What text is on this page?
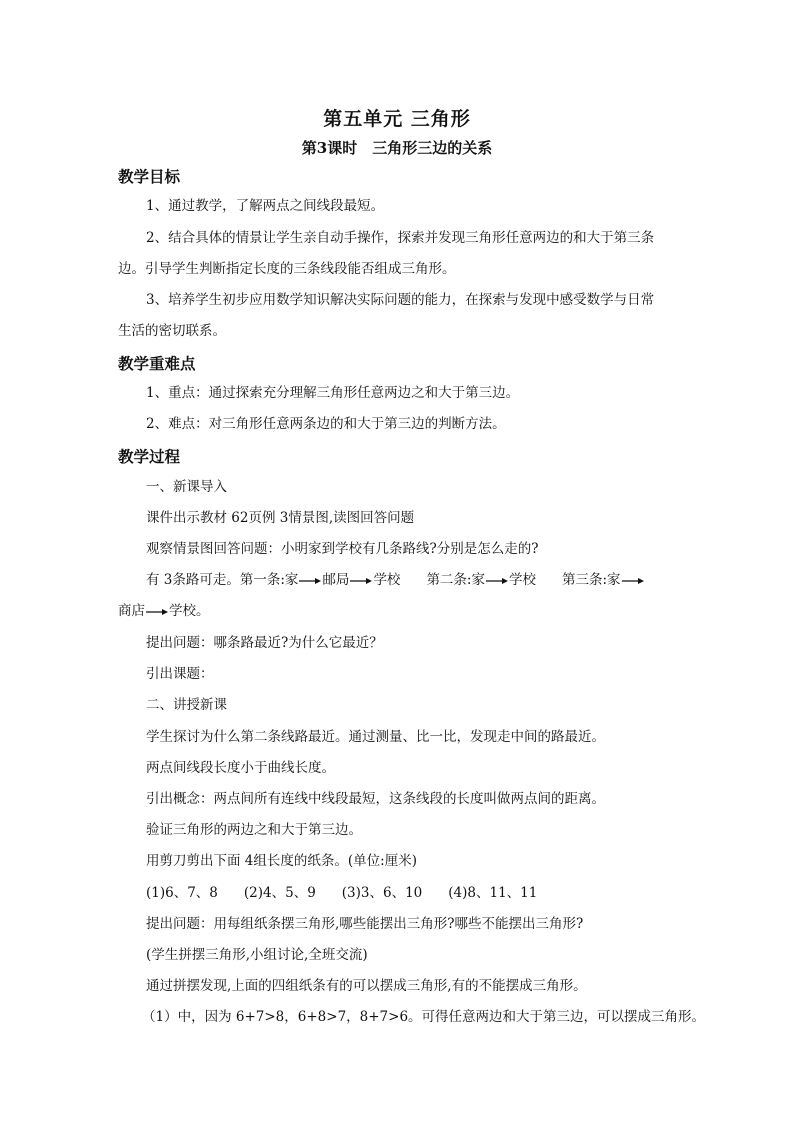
第五单元 三角形
第3课时　三角形三边的关系
教学目标
1、通过教学，了解两点之间线段最短。
2、结合具体的情景让学生亲自动手操作，探索并发现三角形任意两边的和大于第三条
边。引导学生判断指定长度的三条线段能否组成三角形。
3、培养学生初步应用数学知识解决实际问题的能力，在探索与发现中感受数学与日常
生活的密切联系。
教学重难点
1、重点：通过探索充分理解三角形任意两边之和大于第三边。
2、难点：对三角形任意两条边的和大于第三边的判断方法。
教学过程
一、新课导入
课件出示教材 62页例 3情景图,读图回答问题
观察情景图回答问题：小明家到学校有几条路线?分别是怎么走的?
有 3条路可走。第一条:家 邮局 学校 第二条:家 学校 第三条:家
商店 学校。
提出问题：哪条路最近?为什么它最近？
引出课题：
二、讲授新课
学生探讨为什么第二条线路最近。通过测量、比一比，发现走中间的路最近。
两点间线段长度小于曲线长度。
引出概念：两点间所有连线中线段最短，这条线段的长度叫做两点间的距离。
验证三角形的两边之和大于第三边。
用剪刀剪出下面 4组长度的纸条。(单位:厘米)
(1)6、7、8 (2)4、5、9 (3)3、6、10 (4)8、11、11
提出问题：用每组纸条摆三角形,哪些能摆出三角形?哪些不能摆出三角形?
(学生拼摆三角形,小组讨论,全班交流)
通过拼摆发现,上面的四组纸条有的可以摆成三角形,有的不能摆成三角形。
（1）中，因为 6+7>8，6+8>7，8+7>6。可得任意两边和大于第三边，可以摆成三角形。
